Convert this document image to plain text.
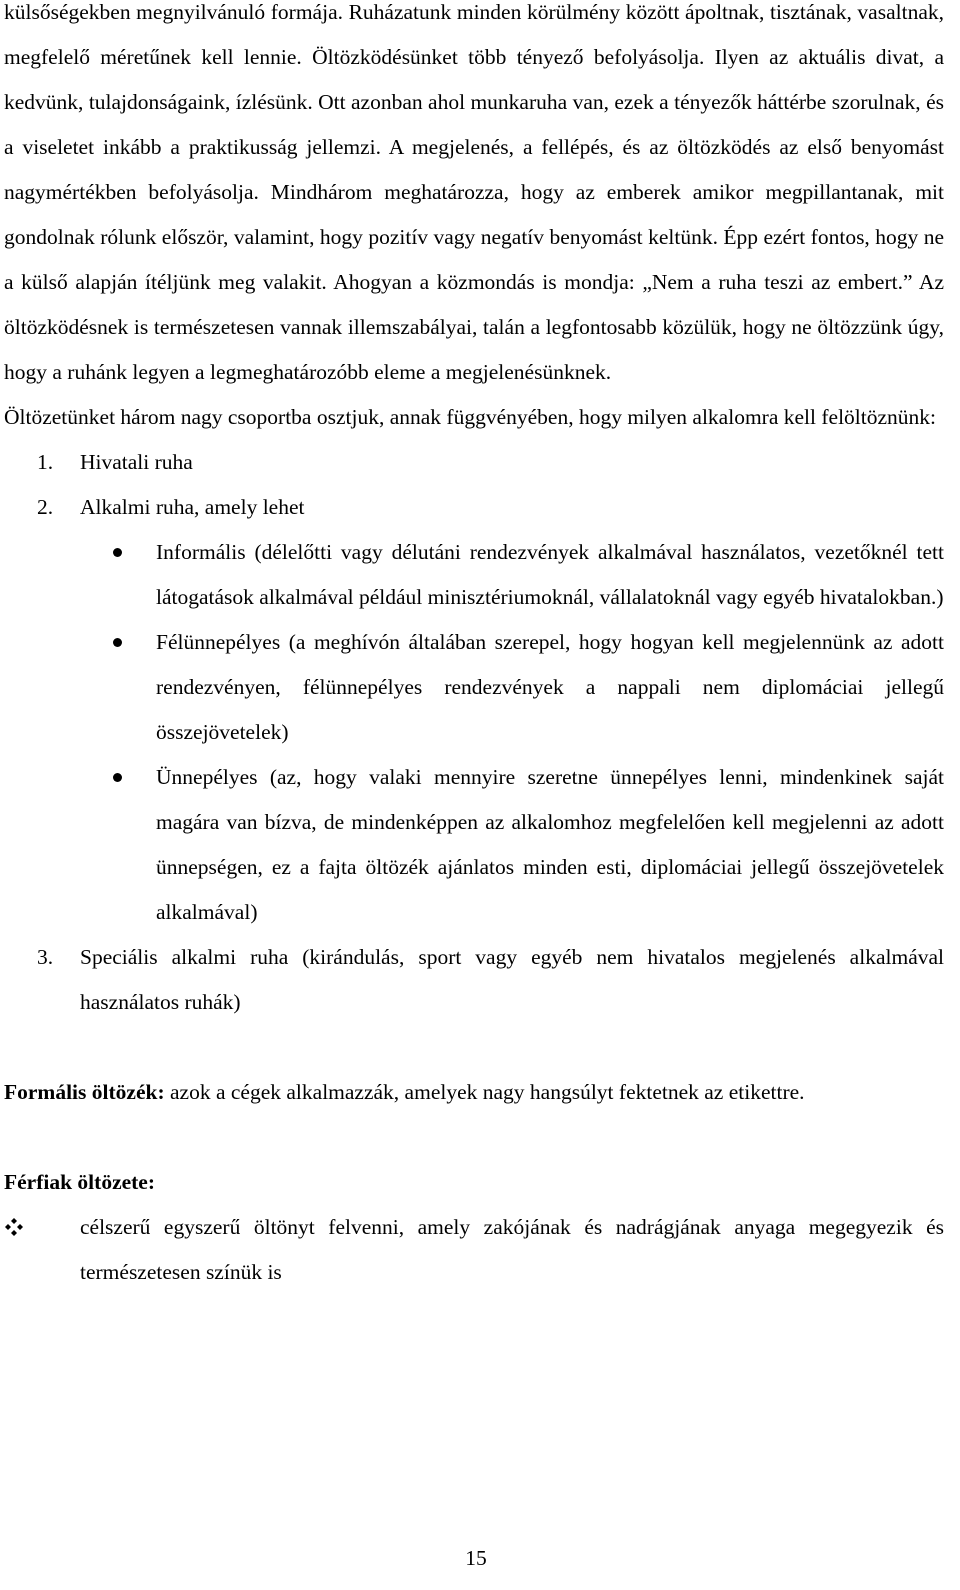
külsőségekben megnyilvánuló formája. Ruházatunk minden körülmény között ápoltnak, tisztának, vasaltnak, megfelelő méretűnek kell lennie. Öltözködésünket több tényező befolyásolja. Ilyen az aktuális divat, a kedvünk, tulajdonságaink, ízlésünk. Ott azonban ahol munkaruha van, ezek a tényezők háttérbe szorulnak, és a viseletet inkább a praktikusság jellemzi. A megjelenés, a fellépés, és az öltözködés az első benyomást nagymértékben befolyásolja. Mindhárom meghatározza, hogy az emberek amikor megpillantanak, mit gondolnak rólunk először, valamint, hogy pozitív vagy negatív benyomást keltünk. Épp ezért fontos, hogy ne a külső alapján ítéljünk meg valakit. Ahogyan a közmondás is mondja: „Nem a ruha teszi az embert.” Az öltözködésnek is természetesen vannak illemszabályai, talán a legfontosabb közülük, hogy ne öltözzünk úgy, hogy a ruhánk legyen a legmeghatározóbb eleme a megjelenésünknek.

Öltözetünket három nagy csoportba osztjuk, annak függvényében, hogy milyen alkalomra kell felöltöznünk:

1. Hivatali ruha
2. Alkalmi ruha, amely lehet
Informális (délelőtti vagy délutáni rendezvények alkalmával használatos, vezetőknél tett látogatások alkalmával például minisztériumoknál, vállalatoknál vagy egyéb hivatalokban.)
Félünnepélyes (a meghívón általában szerepel, hogy hogyan kell megjelennünk az adott rendezvényen, félünnepélyes rendezvények a nappali nem diplomáciai jellegű összejövetelek)
Ünnepélyes (az, hogy valaki mennyire szeretne ünnepélyes lenni, mindenkinek saját magára van bízva, de mindenképpen az alkalomhoz megfelelően kell megjelenni az adott ünnepségen, ez a fajta öltözék ajánlatos minden esti, diplomáciai jellegű összejövetelek alkalmával)
3. Speciális alkalmi ruha (kirándulás, sport vagy egyéb nem hivatalos megjelenés alkalmával használatos ruhák)

Formális öltözék: azok a cégek alkalmazzák, amelyek nagy hangsúlyt fektetnek az etikettre.

Férfiak öltözete:

célszerű egyszerű öltönyt felvenni, amely zakójának és nadrágjának anyaga megegyezik és természetesen színük is
15
